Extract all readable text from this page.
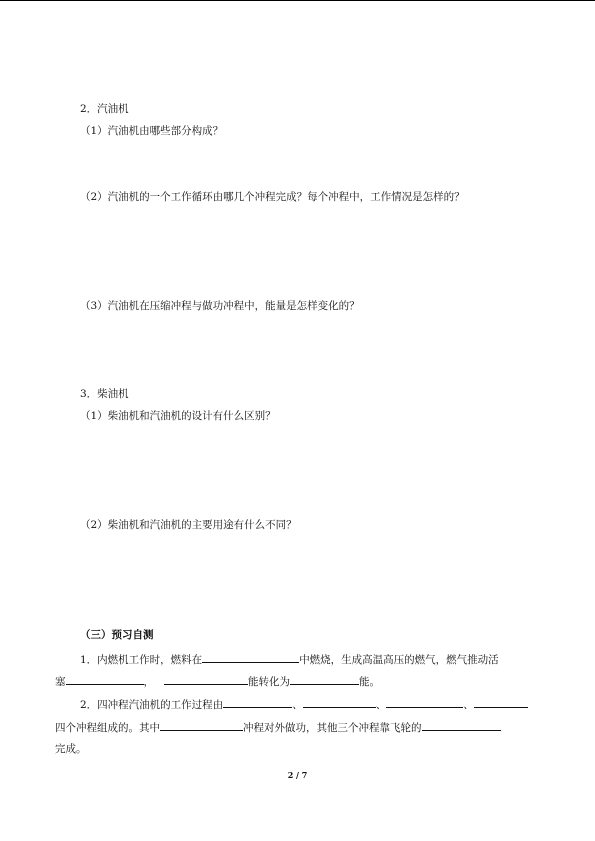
2．汽油机
（1）汽油机由哪些部分构成？
（2）汽油机的一个工作循环由哪几个冲程完成？每个冲程中，工作情况是怎样的？
（3）汽油机在压缩冲程与做功冲程中，能量是怎样变化的？
3．柴油机
（1）柴油机和汽油机的设计有什么区别？
（2）柴油机和汽油机的主要用途有什么不同？
（三）预习自测
1．内燃机工作时，燃料在	中燃烧，生成高温高压的燃气，燃气推动活
塞	，	能转化为	能。
2．四冲程汽油机的工作过程由	、	、	、
四个冲程组成的。其中	冲程对外做功，其他三个冲程靠飞轮的
完成。
2 / 7
